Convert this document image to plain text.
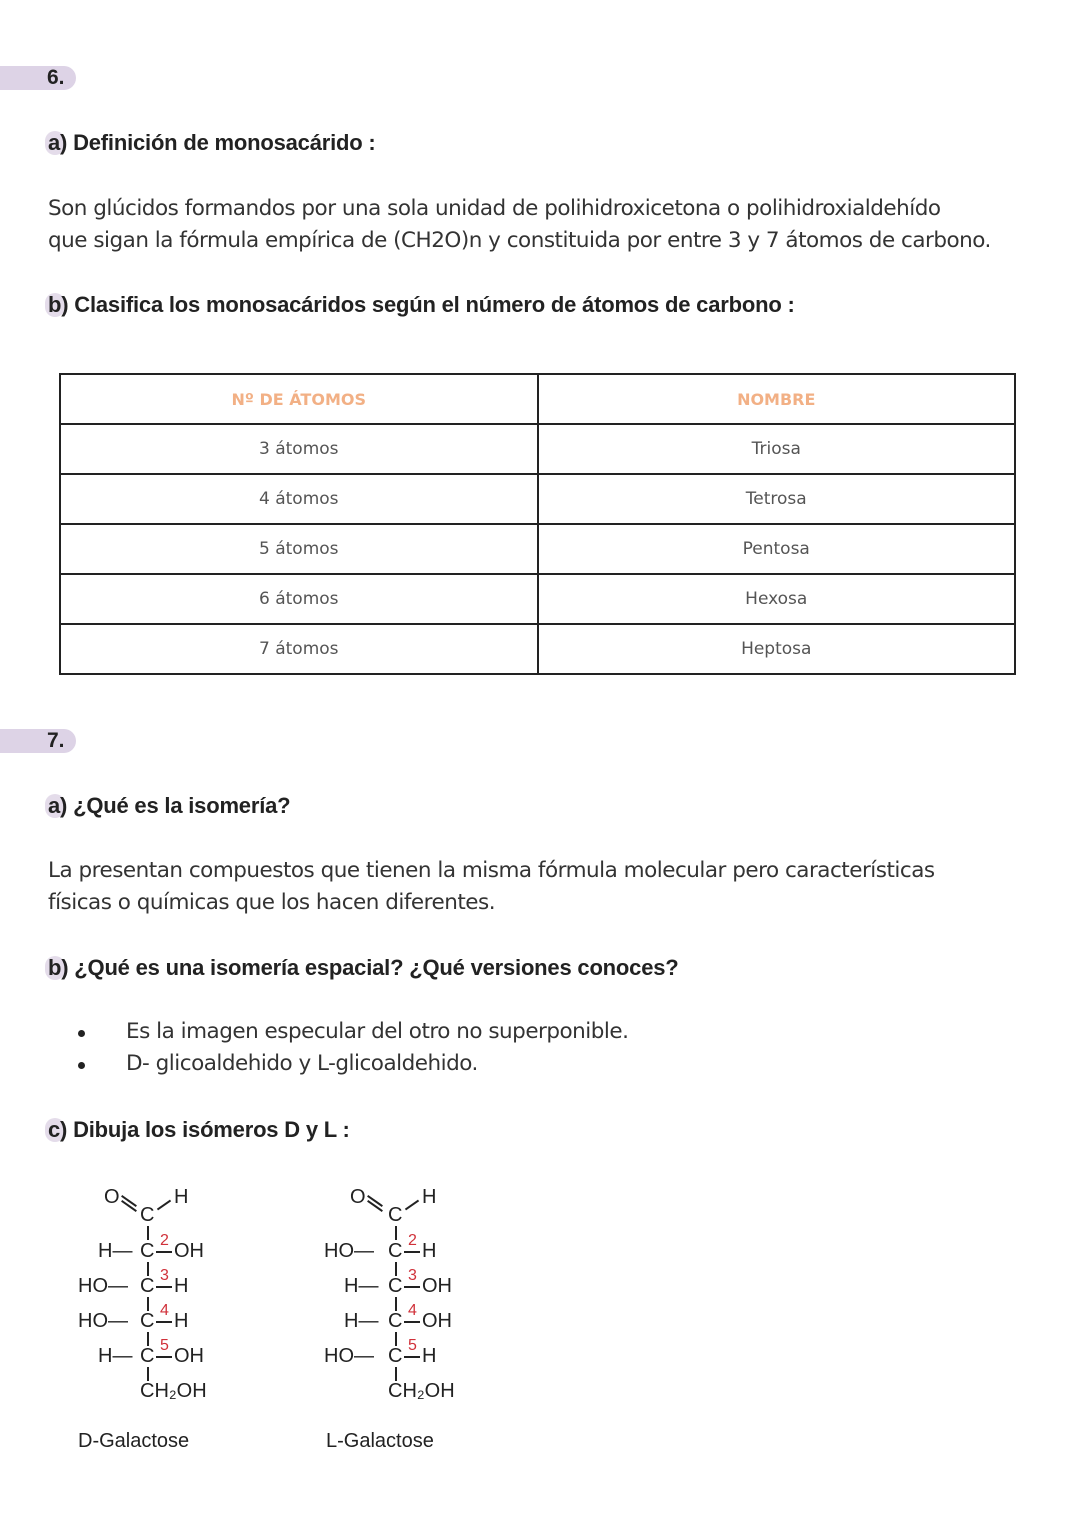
6.
a) Definición de monosacárido :
Son glúcidos formandos por una sola unidad de polihidroxicetona o polihidroxialdehído
que sigan la fórmula empírica de (CH2O)n y constituida por entre 3 y 7 átomos de carbono.
b) Clasifica los monosacáridos según el número de átomos de carbono :
Nº DE ÁTOMOS	NOMBRE
3 átomos	Triosa
4 átomos	Tetrosa
5 átomos	Pentosa
6 átomos	Hexosa
7 átomos	Heptosa
7.
a) ¿Qué es la isomería?
La presentan compuestos que tienen la misma fórmula molecular pero características
físicas o químicas que los hacen diferentes.
b) ¿Qué es una isomería espacial? ¿Qué versiones conoces?
Es la imagen especular del otro no superponible.
D- glicoaldehido y L-glicoaldehido.
c) Dibuja los isómeros D y L :
O
C
H
H— C 2 OH
HO— C 3 H
HO— C 4 H
H— C 5 OH
CH₂OH
D-Galactose
O
C
H
HO— C 2 H
H— C 3 OH
H— C 4 OH
HO— C 5 H
CH₂OH
L-Galactose
